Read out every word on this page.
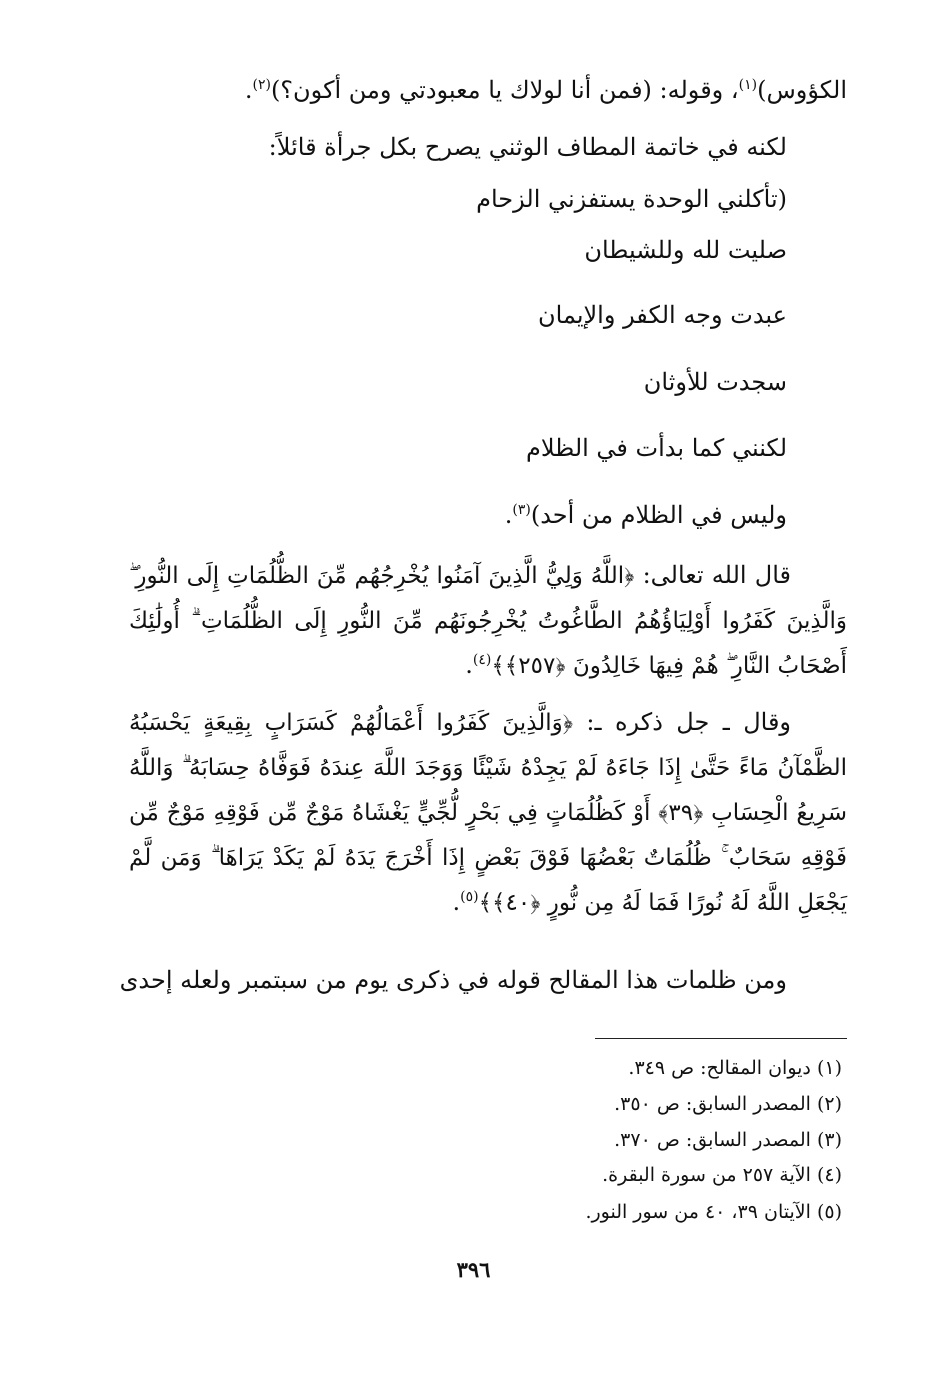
الكؤوس)$^{(١)}$، وقوله: (فمن أنا لولاك يا معبودتي ومن أكون؟)$^{(٢)}$.
لكنه في خاتمة المطاف الوثني يصرح بكل جرأة قائلاً:
(تأكلني الوحدة يستفزني الزحام
صليت لله وللشيطان
عبدت وجه الكفر والإيمان
سجدت للأوثان
لكنني كما بدأت في الظلام
وليس في الظلام من أحد)$^{(٣)}$.
قال الله تعالى: ﴿اللَّهُ وَلِيُّ الَّذِينَ آمَنُوا يُخْرِجُهُم مِّنَ الظُّلُمَاتِ إِلَى النُّورِ ۖ وَالَّذِينَ كَفَرُوا أَوْلِيَاؤُهُمُ الطَّاغُوتُ يُخْرِجُونَهُم مِّنَ النُّورِ إِلَى الظُّلُمَاتِ ۗ أُولَٰئِكَ أَصْحَابُ النَّارِ ۖ هُمْ فِيهَا خَالِدُونَ ﴿٢٥٧﴾﴾$^{(٤)}$.
وقال ـ جل ذكره ـ: ﴿وَالَّذِينَ كَفَرُوا أَعْمَالُهُمْ كَسَرَابٍ بِقِيعَةٍ يَحْسَبُهُ الظَّمْآنُ مَاءً حَتَّىٰ إِذَا جَاءَهُ لَمْ يَجِدْهُ شَيْئًا وَوَجَدَ اللَّهَ عِندَهُ فَوَفَّاهُ حِسَابَهُ ۗ وَاللَّهُ سَرِيعُ الْحِسَابِ ﴿٣٩﴾ أَوْ كَظُلُمَاتٍ فِي بَحْرٍ لُّجِّيٍّ يَغْشَاهُ مَوْجٌ مِّن فَوْقِهِ مَوْجٌ مِّن فَوْقِهِ سَحَابٌ ۚ ظُلُمَاتٌ بَعْضُهَا فَوْقَ بَعْضٍ إِذَا أَخْرَجَ يَدَهُ لَمْ يَكَدْ يَرَاهَا ۗ وَمَن لَّمْ يَجْعَلِ اللَّهُ لَهُ نُورًا فَمَا لَهُ مِن نُّورٍ ﴿٤٠﴾﴾$^{(٥)}$.
ومن ظلمات هذا المقالح قوله في ذكرى يوم من سبتمبر ولعله إحدى
(١) ديوان المقالح: ص ٣٤٩.
(٢) المصدر السابق: ص ٣٥٠.
(٣) المصدر السابق: ص ٣٧٠.
(٤) الآية ٢٥٧ من سورة البقرة.
(٥) الآيتان ٣٩، ٤٠ من سور النور.
٣٩٦
